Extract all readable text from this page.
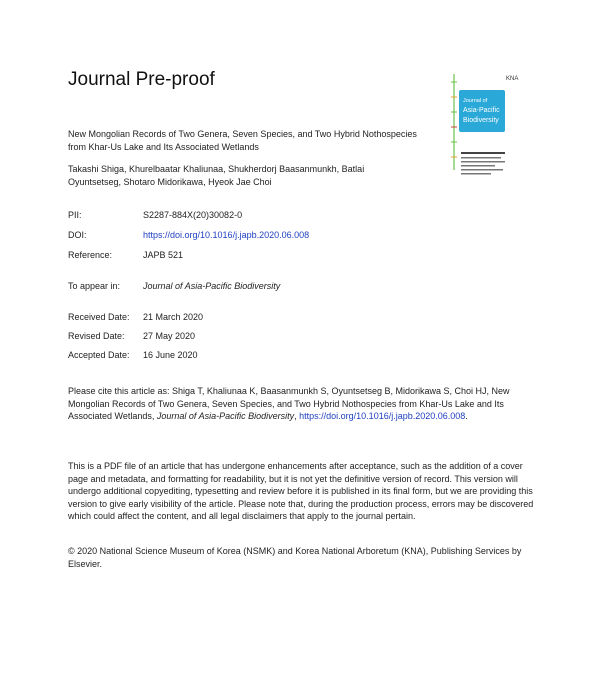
Journal Pre-proof	KNA
Journal of
Asia-Pacific
Biodiversity
New Mongolian Records of Two Genera, Seven Species, and Two Hybrid Nothospecies from Khar-Us Lake and Its Associated Wetlands
Takashi Shiga, Khurelbaatar Khaliunaa, Shukherdorj Baasanmunkh, Batlai Oyuntsetseg, Shotaro Midorikawa, Hyeok Jae Choi
PII:	S2287-884X(20)30082-0
DOI:	https://doi.org/10.1016/j.japb.2020.06.008
Reference:	JAPB 521
To appear in:	Journal of Asia-Pacific Biodiversity
Received Date: 21 March 2020
Revised Date: 27 May 2020
Accepted Date: 16 June 2020
Please cite this article as: Shiga T, Khaliunaa K, Baasanmunkh S, Oyuntsetseg B, Midorikawa S, Choi HJ, New Mongolian Records of Two Genera, Seven Species, and Two Hybrid Nothospecies from Khar-Us Lake and Its Associated Wetlands, Journal of Asia-Pacific Biodiversity, https://doi.org/10.1016/j.japb.2020.06.008.
This is a PDF file of an article that has undergone enhancements after acceptance, such as the addition of a cover page and metadata, and formatting for readability, but it is not yet the definitive version of record. This version will undergo additional copyediting, typesetting and review before it is published in its final form, but we are providing this version to give early visibility of the article. Please note that, during the production process, errors may be discovered which could affect the content, and all legal disclaimers that apply to the journal pertain.
© 2020 National Science Museum of Korea (NSMK) and Korea National Arboretum (KNA), Publishing Services by Elsevier.
